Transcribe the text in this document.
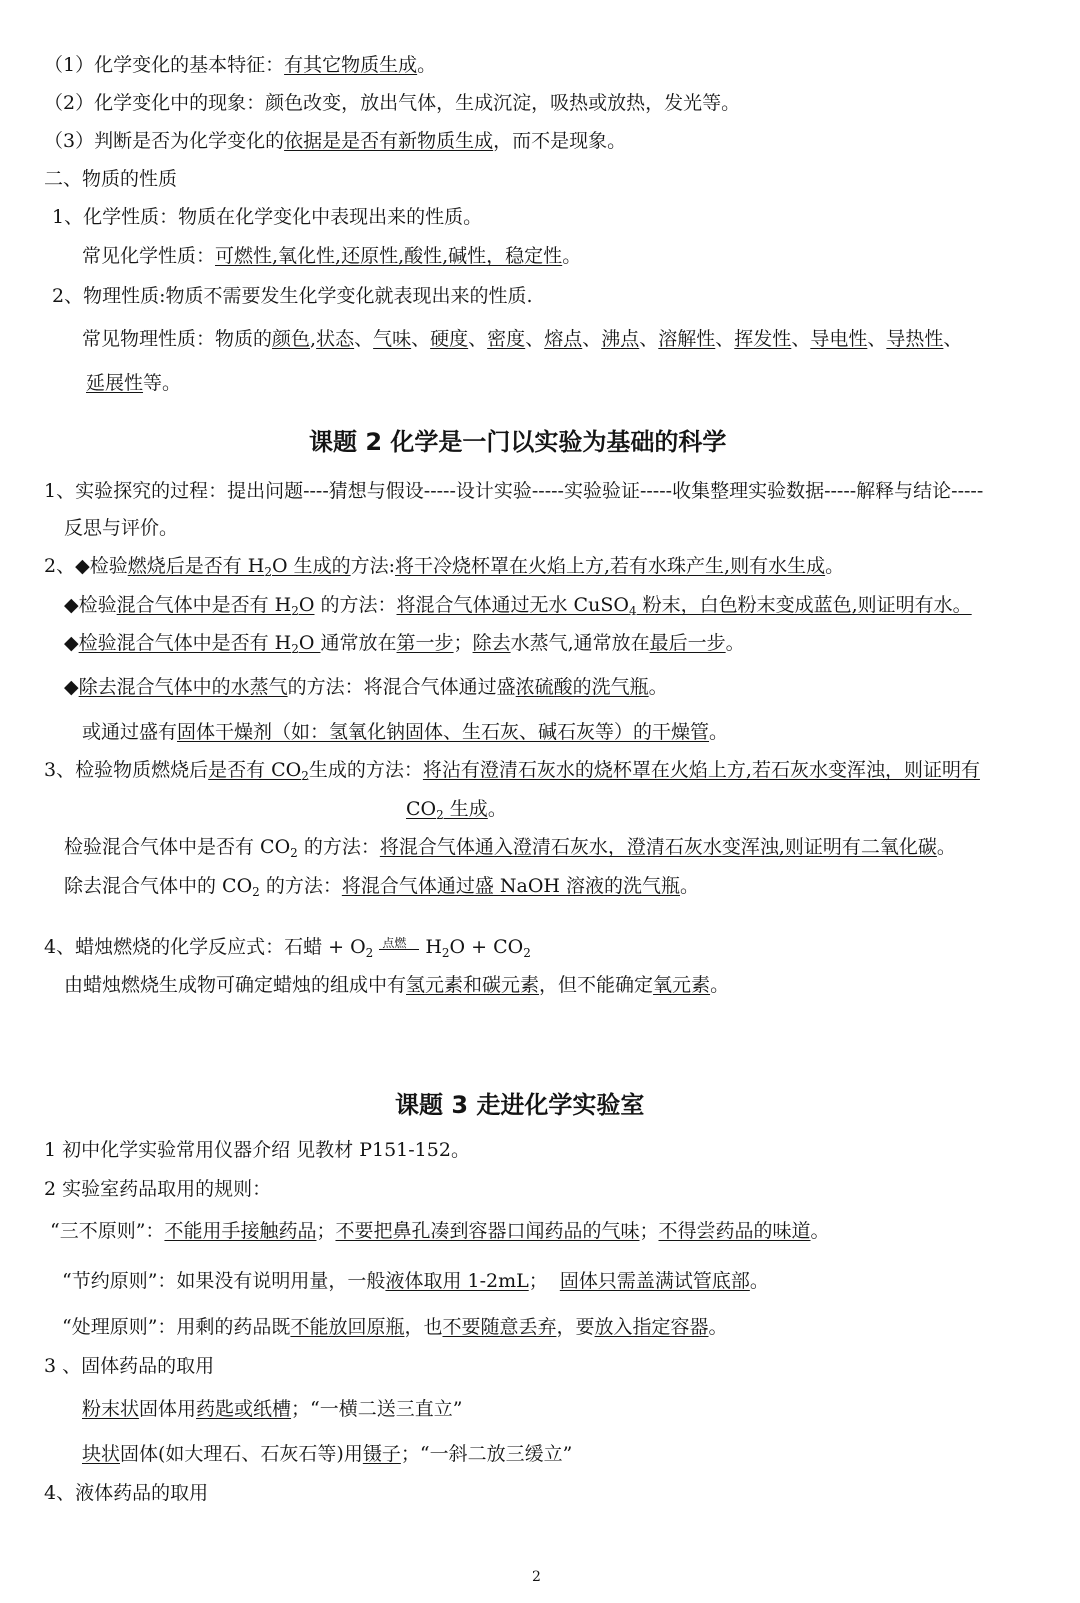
（1）化学变化的基本特征：有其它物质生成。
（2）化学变化中的现象：颜色改变，放出气体，生成沉淀，吸热或放热，发光等。
（3）判断是否为化学变化的依据是是否有新物质生成，而不是现象。
二、物质的性质
1、化学性质：物质在化学变化中表现出来的性质。
常见化学性质：可燃性,氧化性,还原性,酸性,碱性，稳定性。
2、物理性质:物质不需要发生化学变化就表现出来的性质.
常见物理性质：物质的颜色,状态、气味、硬度、密度、熔点、沸点、溶解性、挥发性、导电性、导热性、
延展性等。
课题 2 化学是一门以实验为基础的科学
1、实验探究的过程：提出问题----猜想与假设-----设计实验-----实验验证-----收集整理实验数据-----解释与结论-----
反思与评价。
2、◆检验燃烧后是否有 $H_2O$ 生成的方法:将干冷烧杯罩在火焰上方,若有水珠产生,则有水生成。
◆检验混合气体中是否有 $H_2O$ 的方法：将混合气体通过无水 CuSO$_4$ 粉末，白色粉末变成蓝色,则证明有水。
◆检验混合气体中是否有 $H_2O$ 通常放在第一步；除去水蒸气,通常放在最后一步。
◆除去混合气体中的水蒸气的方法：将混合气体通过盛浓硫酸的洗气瓶。
或通过盛有固体干燥剂（如：氢氧化钠固体、生石灰、碱石灰等）的干燥管。
3、检验物质燃烧后是否有 $CO_2$生成的方法：将沾有澄清石灰水的烧杯罩在火焰上方,若石灰水变浑浊，则证明有
$CO_2$ 生成。
检验混合气体中是否有 $CO_2$ 的方法：将混合气体通入澄清石灰水，澄清石灰水变浑浊,则证明有二氧化碳。
除去混合气体中的 $CO_2$ 的方法：将混合气体通过盛 NaOH 溶液的洗气瓶。
4、蜡烛燃烧的化学反应式：石蜡 + $O_2$
点燃 $H_2O + CO_2$
由蜡烛燃烧生成物可确定蜡烛的组成中有氢元素和碳元素，但不能确定氧元素。
课题 3 走进化学实验室
1 初中化学实验常用仪器介绍 见教材 P151-152。
2 实验室药品取用的规则：
“三不原则”：不能用手接触药品；不要把鼻孔凑到容器口闻药品的气味；不得尝药品的味道。
“节约原则”：如果没有说明用量，一般液体取用 1-2mL；  固体只需盖满试管底部。
“处理原则”：用剩的药品既不能放回原瓶，也不要随意丢弃，要放入指定容器。
3 、固体药品的取用
粉末状固体用药匙或纸槽；“一横二送三直立”
块状固体(如大理石、石灰石等)用镊子；“一斜二放三缓立”
4、液体药品的取用
2
